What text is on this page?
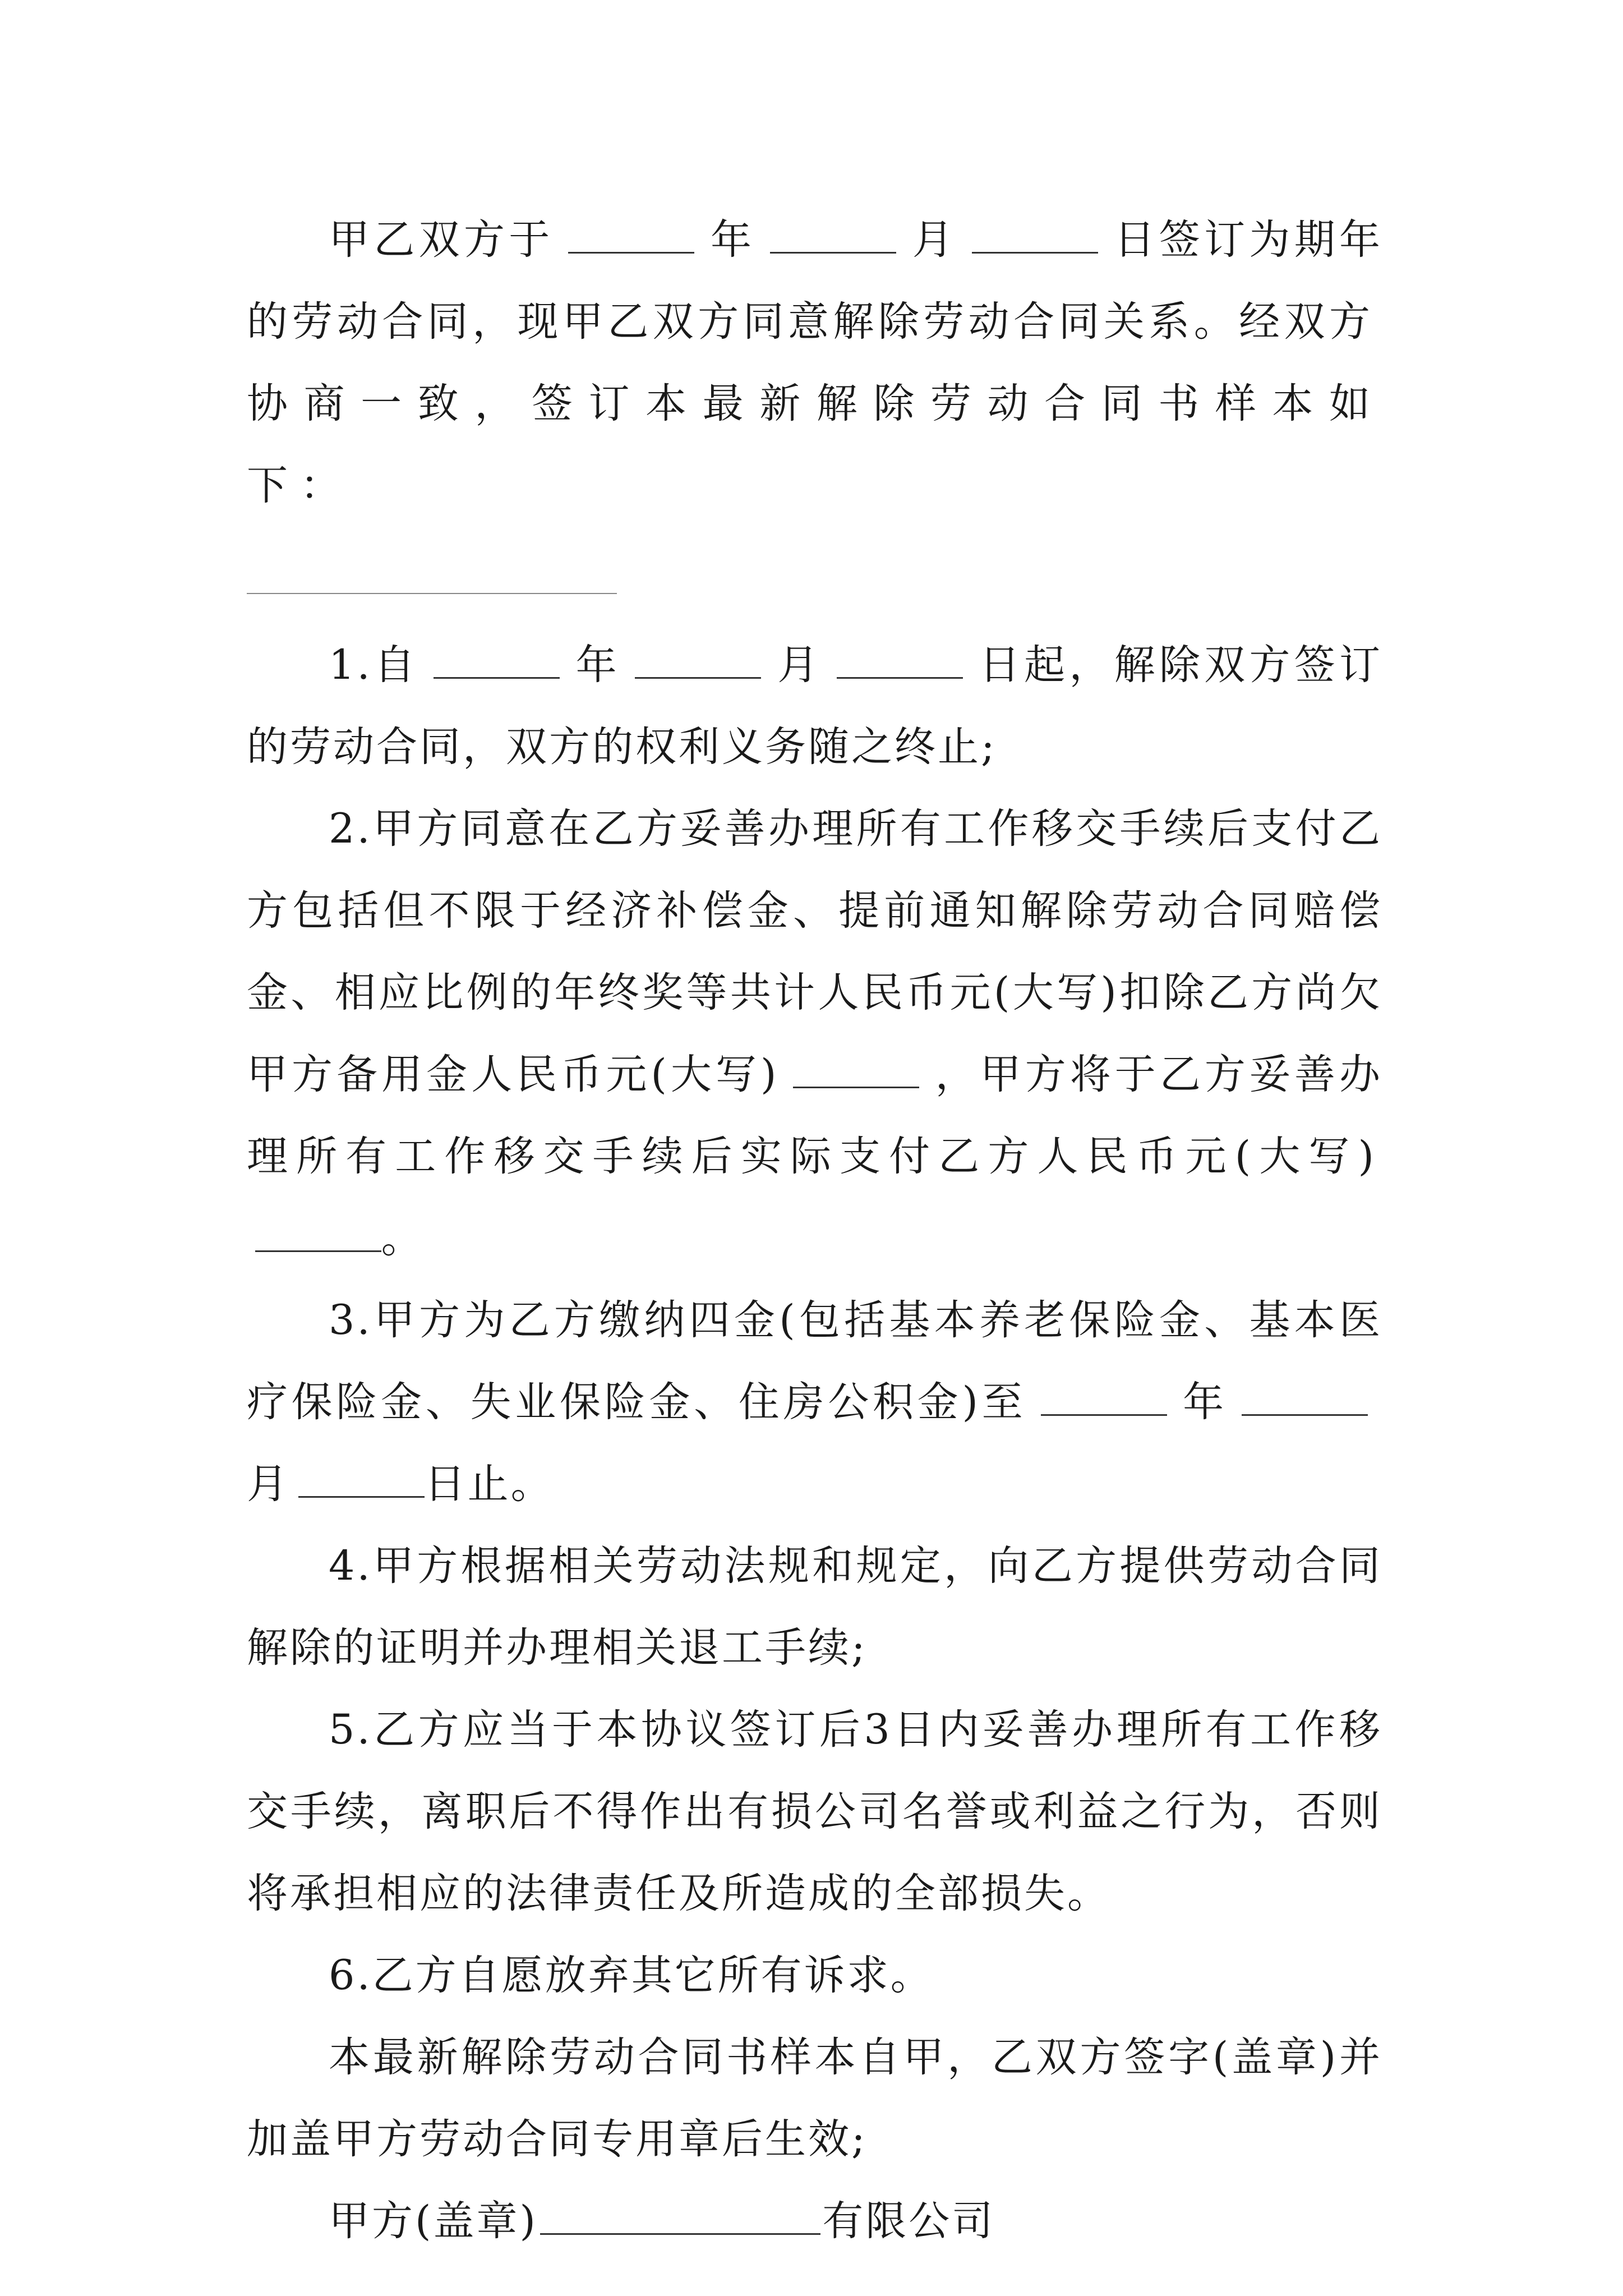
甲乙双方于	年	月	日签订为期年的劳动合同，现甲乙双方同意解除劳动合同关系。经双方协商一致，签订本最新解除劳动合同书样本如下：

1.自	年	月	日起，解除双方签订的劳动合同，双方的权利义务随之终止;

2.甲方同意在乙方妥善办理所有工作移交手续后支付乙方包括但不限于经济补偿金、提前通知解除劳动合同赔偿金、相应比例的年终奖等共计人民币元(大写)扣除乙方尚欠甲方备用金人民币元(大写)	，甲方将于乙方妥善办理所有工作移交手续后实际支付乙方人民币元(大写)。

3.甲方为乙方缴纳四金(包括基本养老保险金、基本医疗保险金、失业保险金、住房公积金)至	年月	日止。

4.甲方根据相关劳动法规和规定，向乙方提供劳动合同解除的证明并办理相关退工手续;

5.乙方应当于本协议签订后3日内妥善办理所有工作移交手续，离职后不得作出有损公司名誉或利益之行为，否则将承担相应的法律责任及所造成的全部损失。

6.乙方自愿放弃其它所有诉求。

本最新解除劳动合同书样本自甲，乙双方签字(盖章)并加盖甲方劳动合同专用章后生效;

甲方(盖章)	有限公司
